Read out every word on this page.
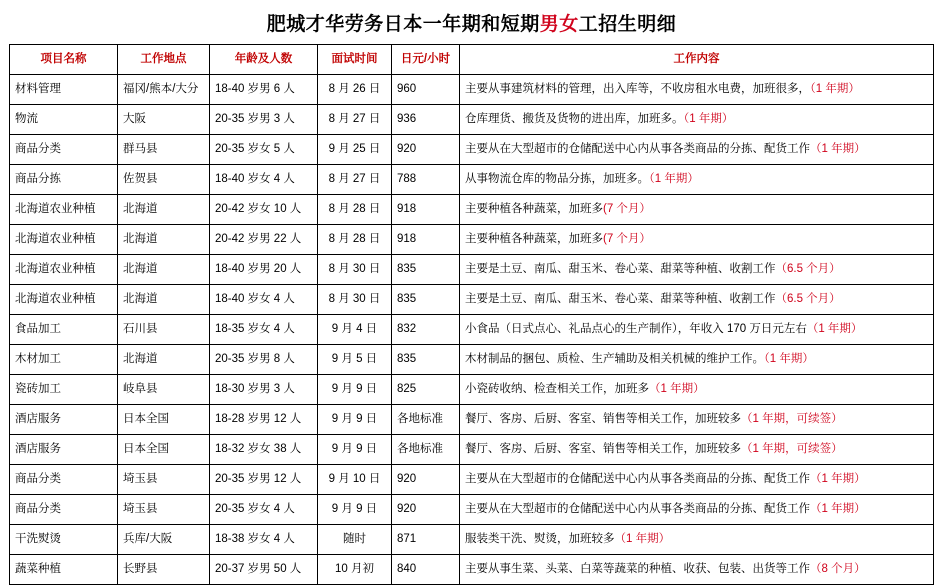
肥城才华劳务日本一年期和短期男女工招生明细
项目名称	工作地点	年龄及人数	面试时间	日元/小时	工作内容

材料管理	福冈/熊本/大分	18-40 岁男 6 人	8 月 26 日	960	主要从事建筑材料的管理，出入库等，不收房租水电费，加班很多，（1 年期）

物流	大阪	20-35 岁男 3 人	8 月 27 日	936	仓库理货、搬货及货物的进出库，加班多。（1 年期）

商品分类	群马县	20-35 岁女 5 人	9 月 25 日	920	主要从在大型超市的仓储配送中心内从事各类商品的分拣、配货工作（1 年期）

商品分拣	佐贺县	18-40 岁女 4 人	8 月 27 日	788	从事物流仓库的物品分拣，加班多。（1 年期）

北海道农业种植	北海道	20-42 岁女 10 人	8 月 28 日	918	主要种植各种蔬菜，加班多(7 个月）

北海道农业种植	北海道	20-42 岁男 22 人	8 月 28 日	918	主要种植各种蔬菜，加班多(7 个月）

北海道农业种植	北海道	18-40 岁男 20 人	8 月 30 日	835	主要是土豆、南瓜、甜玉米、卷心菜、甜菜等种植、收割工作（6.5 个月）

北海道农业种植	北海道	18-40 岁女 4 人	8 月 30 日	835	主要是土豆、南瓜、甜玉米、卷心菜、甜菜等种植、收割工作（6.5 个月）

食品加工	石川县	18-35 岁女 4 人	9 月 4 日	832	小食品（日式点心、礼品点心的生产制作），年收入 170 万日元左右（1 年期）

木材加工	北海道	20-35 岁男 8 人	9 月 5 日	835	木材制品的捆包、质检、生产辅助及相关机械的维护工作。（1 年期）

瓷砖加工	岐阜县	18-30 岁男 3 人	9 月 9 日	825	小瓷砖收纳、检查相关工作，加班多（1 年期）

酒店服务	日本全国	18-28 岁男 12 人	9 月 9 日	各地标准	餐厅、客房、后厨、客室、销售等相关工作，加班较多（1 年期，可续签）

酒店服务	日本全国	18-32 岁女 38 人	9 月 9 日	各地标准	餐厅、客房、后厨、客室、销售等相关工作，加班较多（1 年期，可续签）

商品分类	埼玉县	20-35 岁男 12 人	9 月 10 日	920	主要从在大型超市的仓储配送中心内从事各类商品的分拣、配货工作（1 年期）

商品分类	埼玉县	20-35 岁女 4 人	9 月 9 日	920	主要从在大型超市的仓储配送中心内从事各类商品的分拣、配货工作（1 年期）

干洗熨烫	兵库/大阪	18-38 岁女 4 人	随时	871	服装类干洗、熨烫，加班较多（1 年期）

蔬菜种植	长野县	20-37 岁男 50 人	10 月初	840	主要从事生菜、头菜、白菜等蔬菜的种植、收获、包装、出货等工作（8 个月）
